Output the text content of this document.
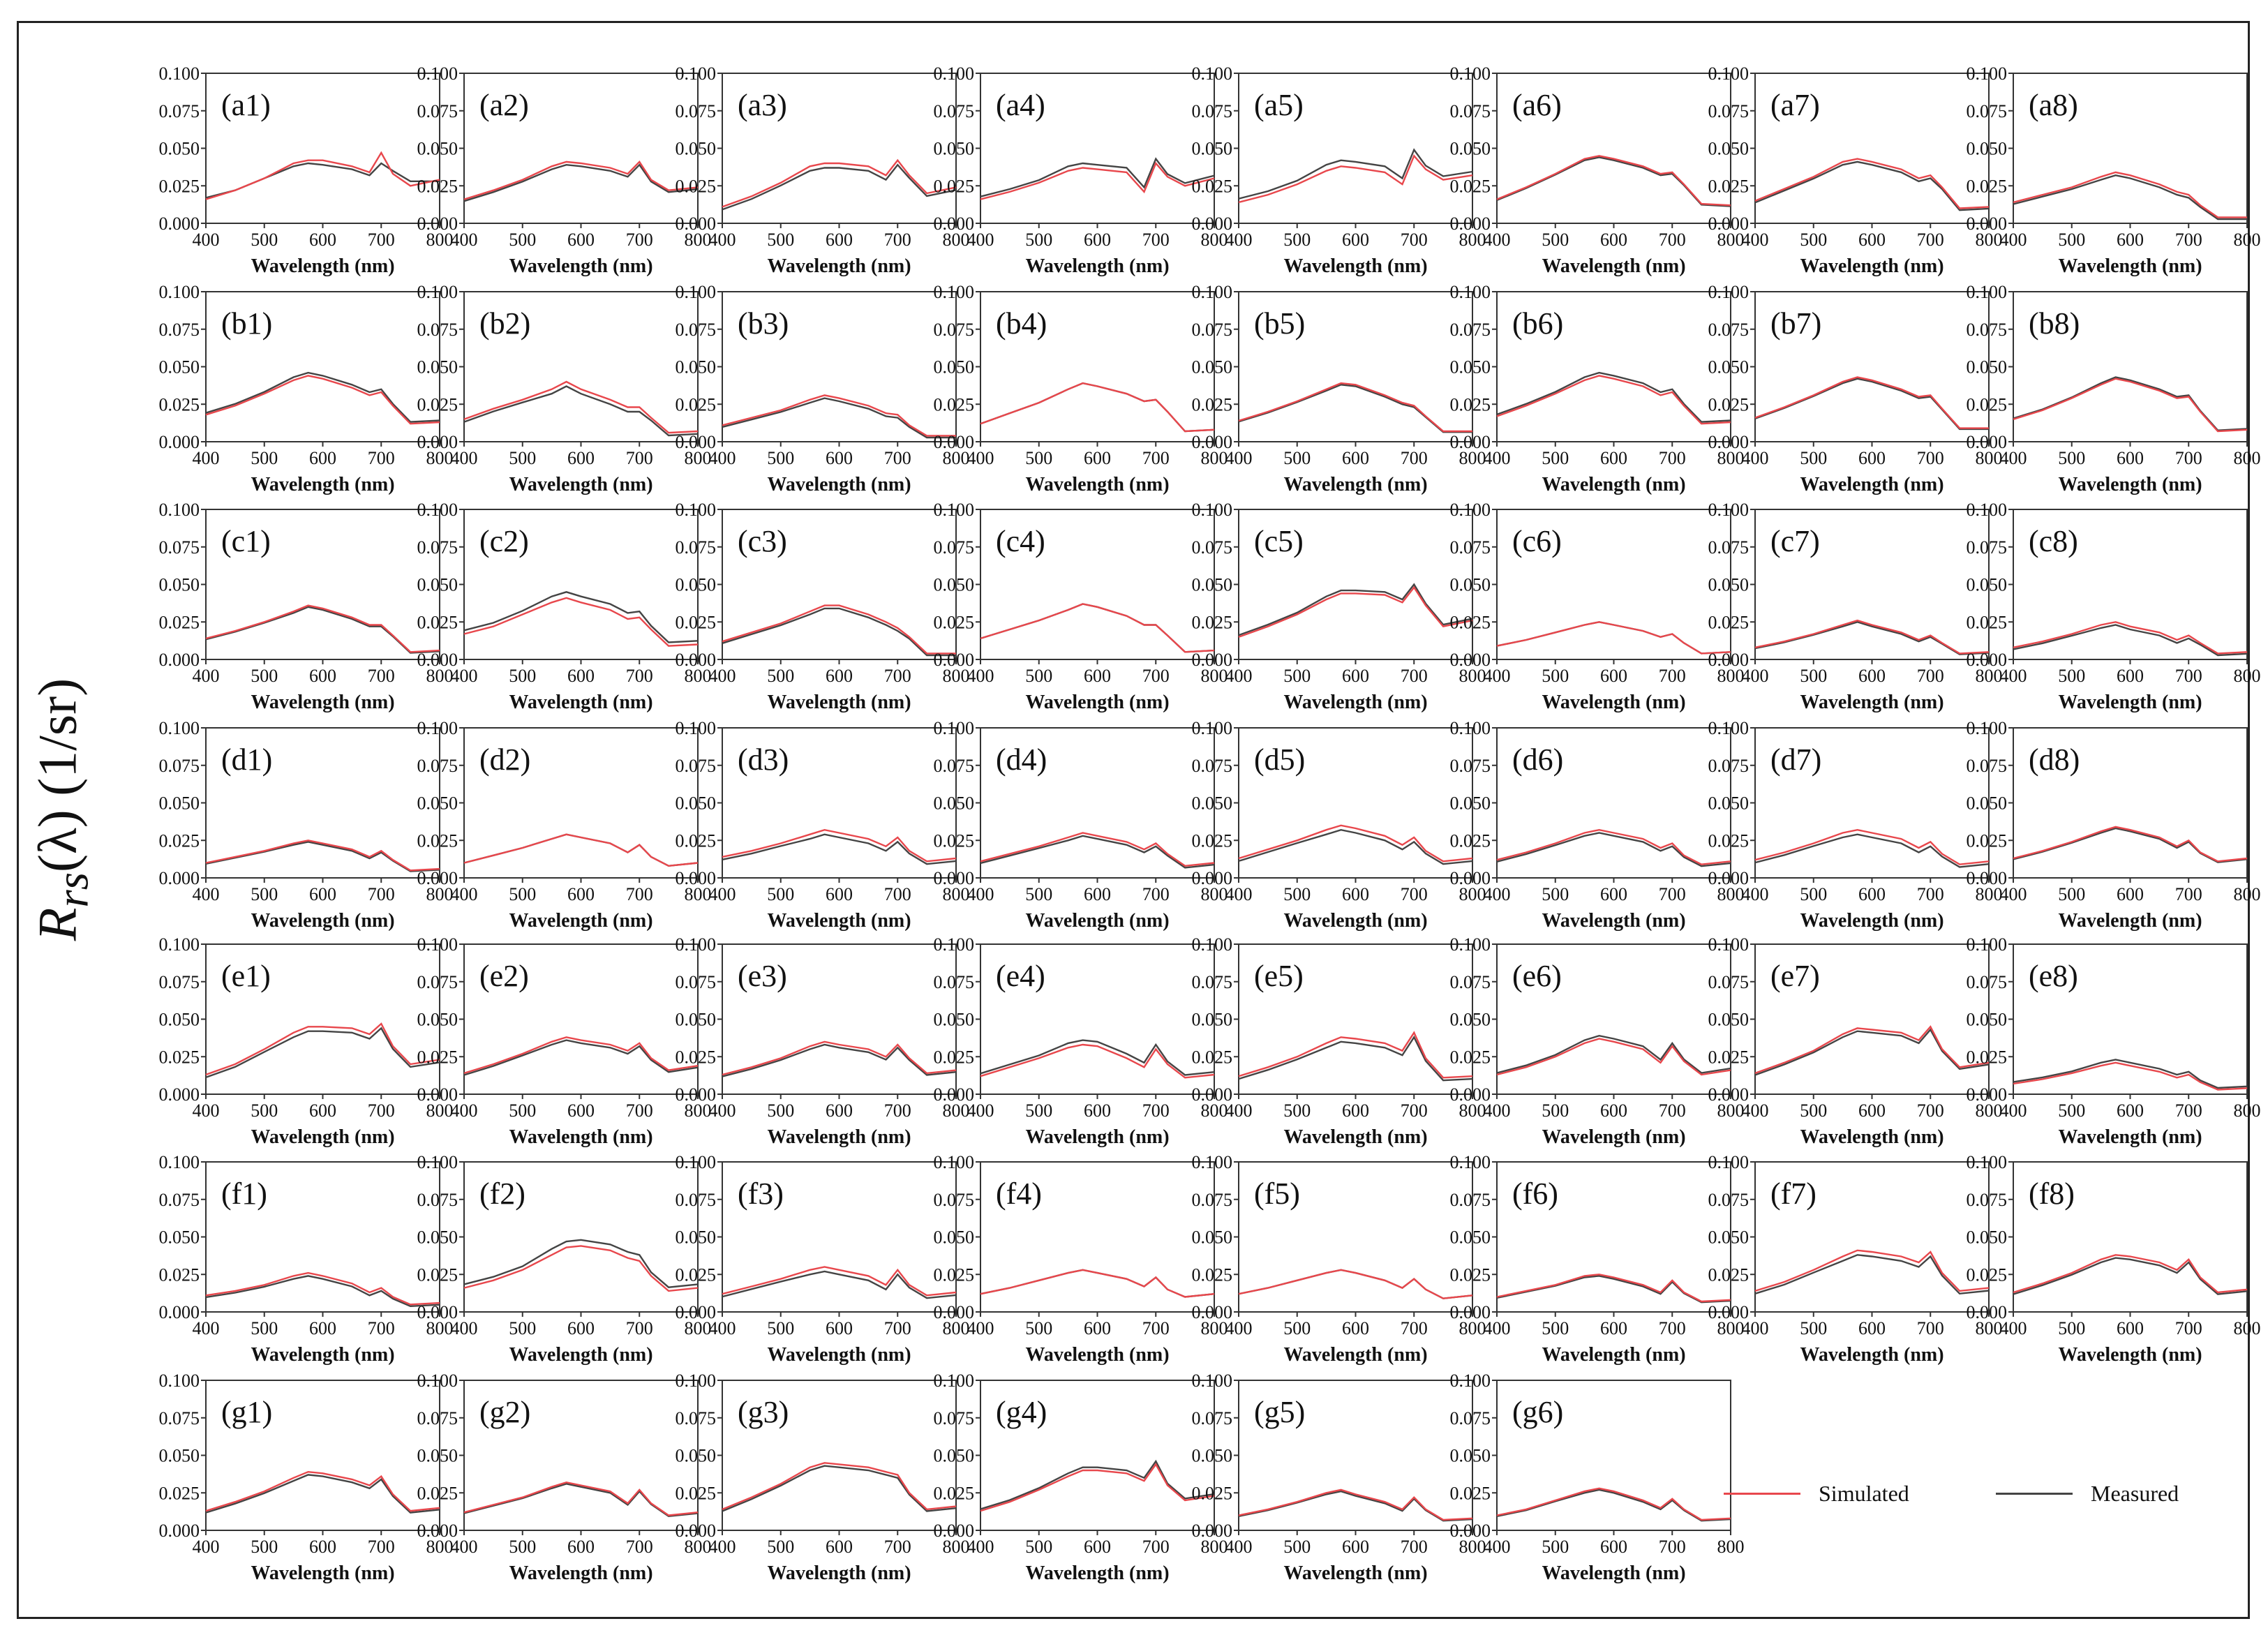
$R_{rs}(\lambda)$ (1/sr)
0.000
0.025
0.050
0.075
0.100
400 500 600 700 800
Wavelength (nm)
(a1)
0.000
0.025
0.050
0.075
0.100
400 500 600 700 800
Wavelength (nm)
(a2)
0.000
0.025
0.050
0.075
0.100
400 500 600 700 800
Wavelength (nm)
(a3)
0.000
0.025
0.050
0.075
0.100
400 500 600 700 800
Wavelength (nm)
(a4)
0.000
0.025
0.050
0.075
0.100
400 500 600 700 800
Wavelength (nm)
(a5)
0.000
0.025
0.050
0.075
0.100
400 500 600 700 800
Wavelength (nm)
(a6)
0.000
0.025
0.050
0.075
0.100
400 500 600 700 800
Wavelength (nm)
(a7)
0.000
0.025
0.050
0.075
0.100
400 500 600 700 800
Wavelength (nm)
(a8)
0.000
0.025
0.050
0.075
0.100
400 500 600 700 800
Wavelength (nm)
(b1)
0.000
0.025
0.050
0.075
0.100
400 500 600 700 800
Wavelength (nm)
(b2)
0.000
0.025
0.050
0.075
0.100
400 500 600 700 800
Wavelength (nm)
(b3)
0.000
0.025
0.050
0.075
0.100
400 500 600 700 800
Wavelength (nm)
(b4)
0.000
0.025
0.050
0.075
0.100
400 500 600 700 800
Wavelength (nm)
(b5)
0.000
0.025
0.050
0.075
0.100
400 500 600 700 800
Wavelength (nm)
(b6)
0.000
0.025
0.050
0.075
0.100
400 500 600 700 800
Wavelength (nm)
(b7)
0.000
0.025
0.050
0.075
0.100
400 500 600 700 800
Wavelength (nm)
(b8)
0.000
0.025
0.050
0.075
0.100
400 500 600 700 800
Wavelength (nm)
(c1)
0.000
0.025
0.050
0.075
0.100
400 500 600 700 800
Wavelength (nm)
(c2)
0.000
0.025
0.050
0.075
0.100
400 500 600 700 800
Wavelength (nm)
(c3)
0.000
0.025
0.050
0.075
0.100
400 500 600 700 800
Wavelength (nm)
(c4)
0.000
0.025
0.050
0.075
0.100
400 500 600 700 800
Wavelength (nm)
(c5)
0.000
0.025
0.050
0.075
0.100
400 500 600 700 800
Wavelength (nm)
(c6)
0.000
0.025
0.050
0.075
0.100
400 500 600 700 800
Wavelength (nm)
(c7)
0.000
0.025
0.050
0.075
0.100
400 500 600 700 800
Wavelength (nm)
(c8)
0.000
0.025
0.050
0.075
0.100
400 500 600 700 800
Wavelength (nm)
(d1)
0.000
0.025
0.050
0.075
0.100
400 500 600 700 800
Wavelength (nm)
(d2)
0.000
0.025
0.050
0.075
0.100
400 500 600 700 800
Wavelength (nm)
(d3)
0.000
0.025
0.050
0.075
0.100
400 500 600 700 800
Wavelength (nm)
(d4)
0.000
0.025
0.050
0.075
0.100
400 500 600 700 800
Wavelength (nm)
(d5)
0.000
0.025
0.050
0.075
0.100
400 500 600 700 800
Wavelength (nm)
(d6)
0.000
0.025
0.050
0.075
0.100
400 500 600 700 800
Wavelength (nm)
(d7)
0.000
0.025
0.050
0.075
0.100
400 500 600 700 800
Wavelength (nm)
(d8)
0.000
0.025
0.050
0.075
0.100
400 500 600 700 800
Wavelength (nm)
(e1)
0.000
0.025
0.050
0.075
0.100
400 500 600 700 800
Wavelength (nm)
(e2)
0.000
0.025
0.050
0.075
0.100
400 500 600 700 800
Wavelength (nm)
(e3)
0.000
0.025
0.050
0.075
0.100
400 500 600 700 800
Wavelength (nm)
(e4)
0.000
0.025
0.050
0.075
0.100
400 500 600 700 800
Wavelength (nm)
(e5)
0.000
0.025
0.050
0.075
0.100
400 500 600 700 800
Wavelength (nm)
(e6)
0.000
0.025
0.050
0.075
0.100
400 500 600 700 800
Wavelength (nm)
(e7)
0.000
0.025
0.050
0.075
0.100
400 500 600 700 800
Wavelength (nm)
(e8)
0.000
0.025
0.050
0.075
0.100
400 500 600 700 800
Wavelength (nm)
(f1)
0.000
0.025
0.050
0.075
0.100
400 500 600 700 800
Wavelength (nm)
(f2)
0.000
0.025
0.050
0.075
0.100
400 500 600 700 800
Wavelength (nm)
(f3)
0.000
0.025
0.050
0.075
0.100
400 500 600 700 800
Wavelength (nm)
(f4)
0.000
0.025
0.050
0.075
0.100
400 500 600 700 800
Wavelength (nm)
(f5)
0.000
0.025
0.050
0.075
0.100
400 500 600 700 800
Wavelength (nm)
(f6)
0.000
0.025
0.050
0.075
0.100
400 500 600 700 800
Wavelength (nm)
(f7)
0.000
0.025
0.050
0.075
0.100
400 500 600 700 800
Wavelength (nm)
(f8)
0.000
0.025
0.050
0.075
0.100
400 500 600 700 800
Wavelength (nm)
(g1)
0.000
0.025
0.050
0.075
0.100
400 500 600 700 800
Wavelength (nm)
(g2)
0.000
0.025
0.050
0.075
0.100
400 500 600 700 800
Wavelength (nm)
(g3)
0.000
0.025
0.050
0.075
0.100
400 500 600 700 800
Wavelength (nm)
(g4)
0.000
0.025
0.050
0.075
0.100
400 500 600 700 800
Wavelength (nm)
(g5)
0.000
0.025
0.050
0.075
0.100
400 500 600 700 800
Wavelength (nm)
(g6)
Simulated	Measured
